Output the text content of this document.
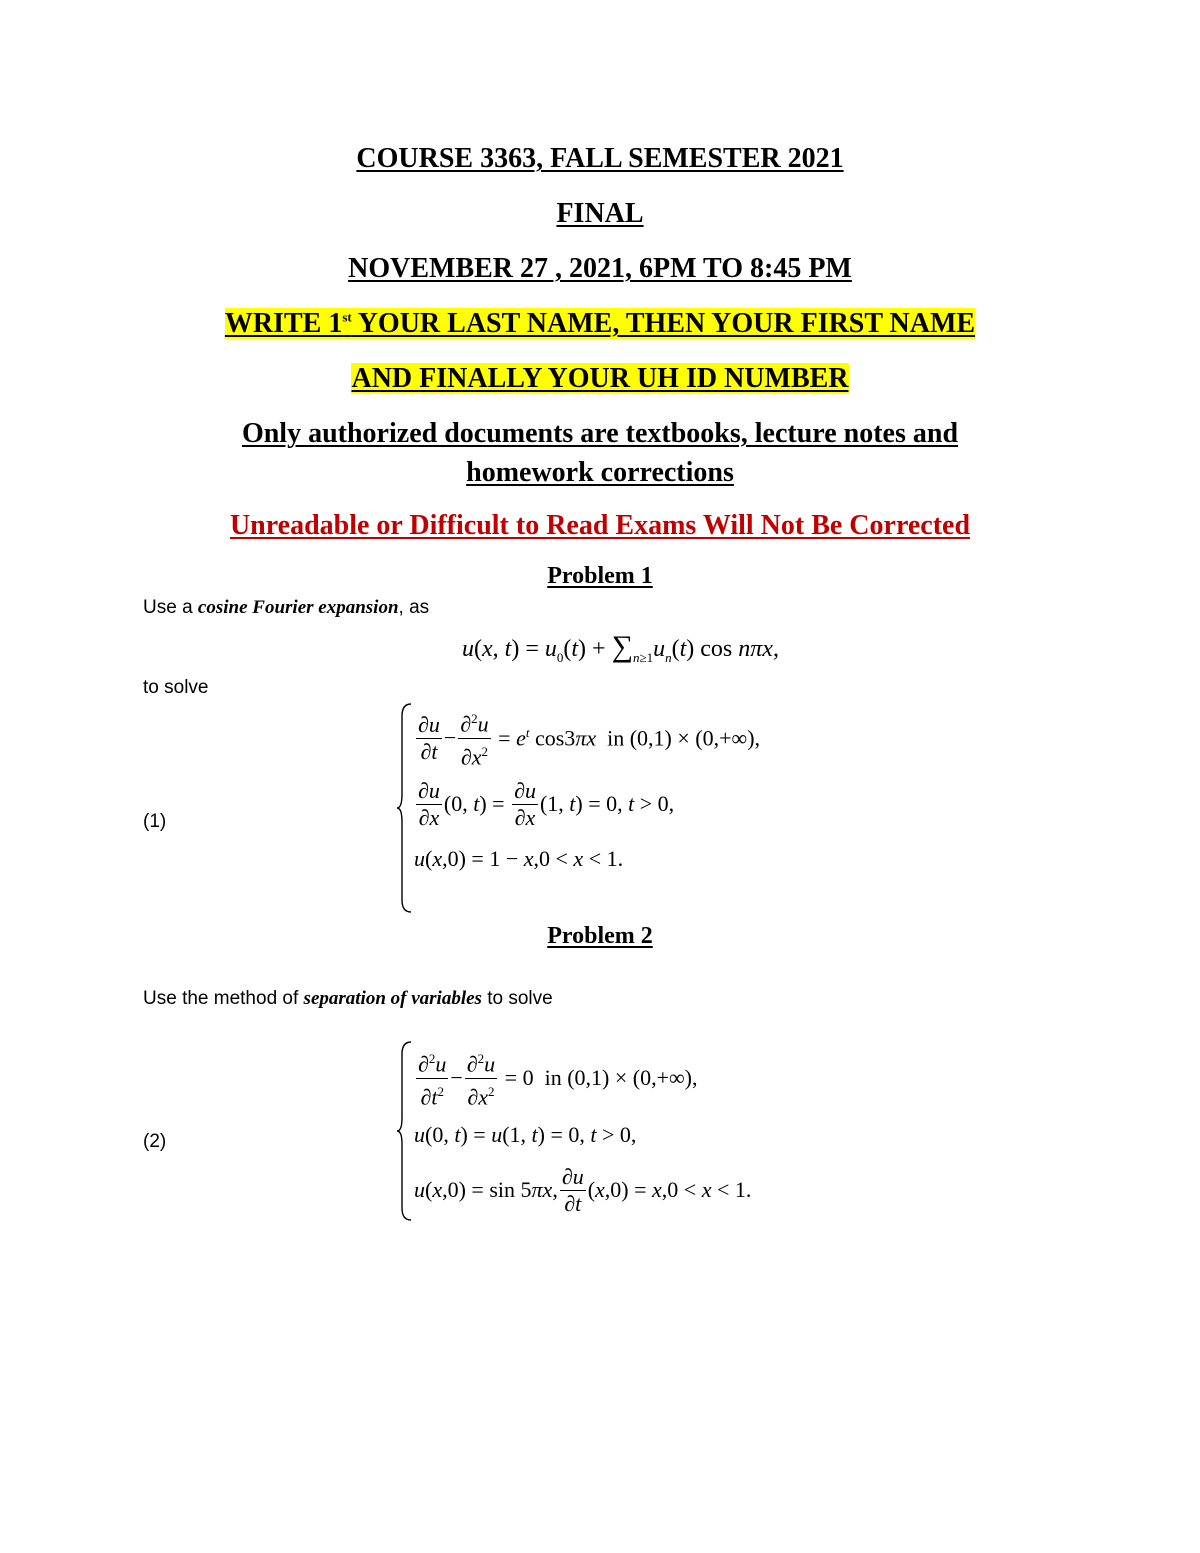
COURSE 3363, FALL SEMESTER 2021
FINAL
NOVEMBER 27 , 2021, 6PM TO 8:45 PM
WRITE 1st YOUR LAST NAME, THEN YOUR FIRST NAME
AND FINALLY YOUR UH ID NUMBER
Only authorized documents are textbooks, lecture notes and
homework corrections
Unreadable or Difficult to Read Exams Will Not Be Corrected
Problem 1
Use a cosine Fourier expansion, as
u(x, $t) = u_0(t) + \sum_{n\ge 1}u_n(t)$ cos nπx,
to solve
(1)
$\frac{\partial u}{\partial t} - \frac{\partial^2u}{\partial x^2} = e^t$ cos3πx  in (0,1) × (0,+∞),
$\frac{\partial u}{\partial x} (0$, $t) = \frac{\partial u}{\partial x} (1$, t) = 0, t > 0,
u(x,0) = 1 − x,0 < x < 1.
Problem 2
Use the method of separation of variables to solve
(2)
$\frac{\partial^2u}{\partial t^2} - \frac{\partial^2u}{\partial x^2} = 0$  in (0,1) × (0,+∞),
u(0, t) = u(1, t) = 0, t > 0,
u(x,0) = sin 5πx, $\frac{\partial u}{\partial t} (x,0) = x,0 < x < 1$.
